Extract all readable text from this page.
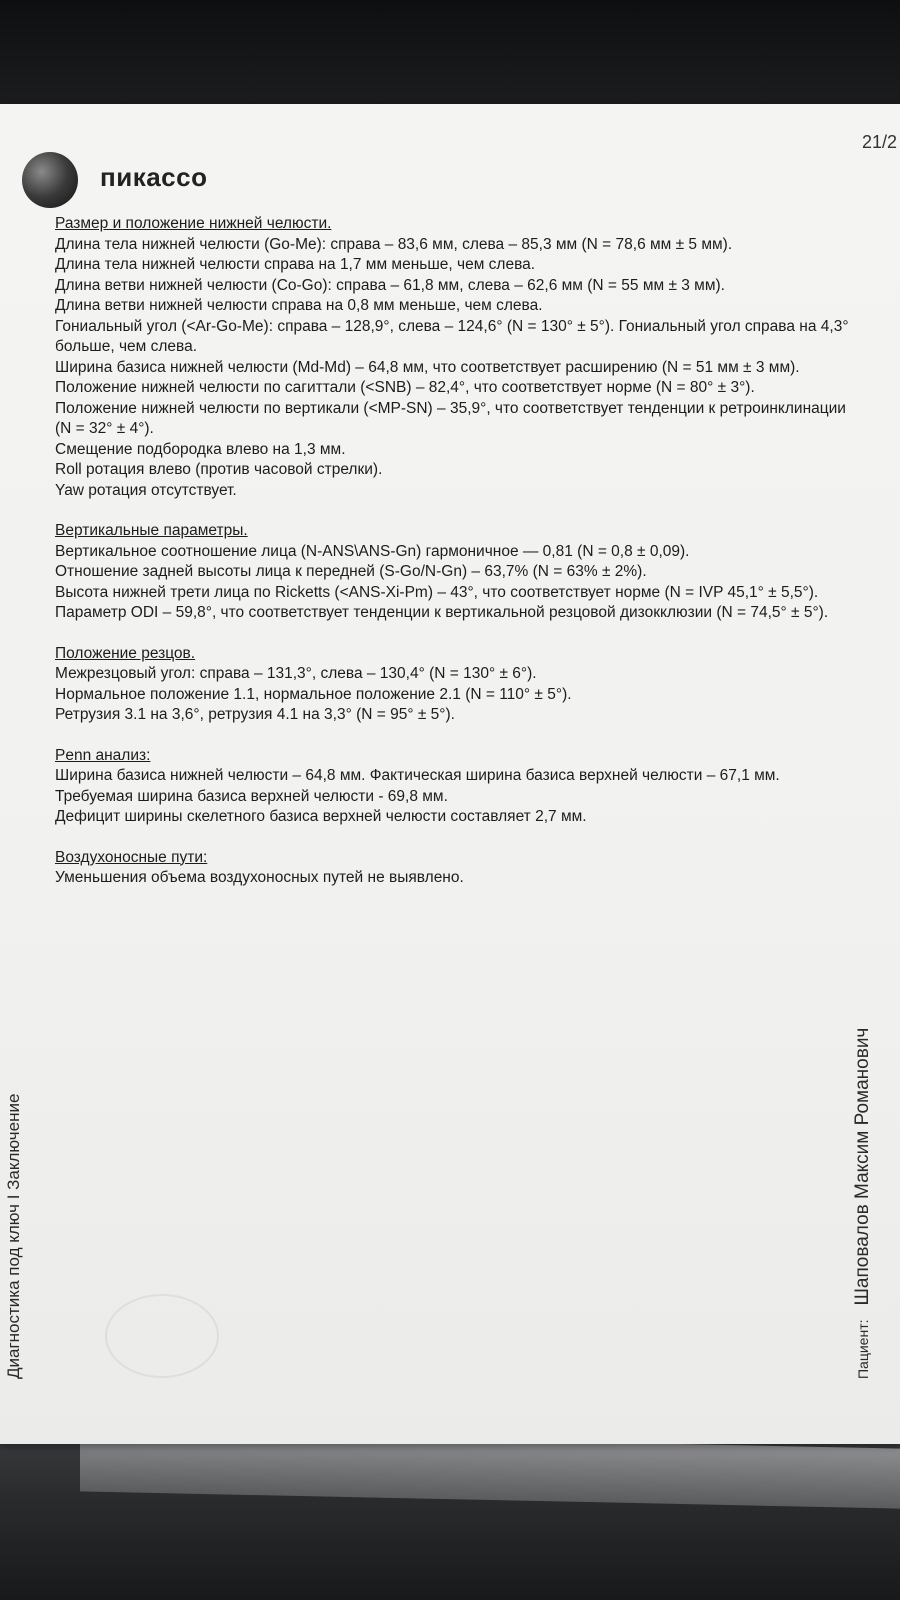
21/2
пикассо
Размер и положение нижней челюсти.
Длина тела нижней челюсти (Go-Me): справа – 83,6 мм, слева – 85,3 мм (N = 78,6 мм ± 5 мм).
Длина тела нижней челюсти справа на 1,7 мм меньше, чем слева.
Длина ветви нижней челюсти (Co-Go): справа – 61,8 мм, слева – 62,6 мм (N = 55 мм ± 3 мм).
Длина ветви нижней челюсти справа на 0,8 мм меньше, чем слева.
Гониальный угол (<Ar-Go-Me): справа – 128,9°, слева – 124,6° (N = 130° ± 5°). Гониальный угол справа на 4,3° больше, чем слева.
Ширина базиса нижней челюсти (Md-Md) – 64,8 мм, что соответствует расширению (N = 51 мм ± 3 мм).
Положение нижней челюсти по сагиттали (<SNB) – 82,4°, что соответствует норме (N = 80° ± 3°).
Положение нижней челюсти по вертикали (<MP-SN) – 35,9°, что соответствует тенденции к ретроинклинации (N = 32° ± 4°).
Смещение подбородка влево на 1,3 мм.
Roll ротация влево (против часовой стрелки).
Yaw ротация отсутствует.
Вертикальные параметры.
Вертикальное соотношение лица (N-ANS\ANS-Gn) гармоничное — 0,81 (N = 0,8 ± 0,09).
Отношение задней высоты лица к передней (S-Go/N-Gn) – 63,7% (N = 63% ± 2%).
Высота нижней трети лица по Ricketts (<ANS-Xi-Pm) – 43°, что соответствует норме (N = IVP 45,1° ± 5,5°).
Параметр ODI – 59,8°, что соответствует тенденции к вертикальной резцовой дизокклюзии (N = 74,5° ± 5°).
Положение резцов.
Межрезцовый угол: справа – 131,3°, слева – 130,4° (N = 130° ± 6°).
Нормальное положение 1.1, нормальное положение 2.1 (N = 110° ± 5°).
Ретрузия 3.1 на 3,6°, ретрузия 4.1 на 3,3° (N = 95° ± 5°).
Penn анализ:
Ширина базиса нижней челюсти – 64,8 мм. Фактическая ширина базиса верхней челюсти – 67,1 мм. Требуемая ширина базиса верхней челюсти - 69,8 мм.
Дефицит ширины скелетного базиса верхней челюсти составляет 2,7 мм.
Воздухоносные пути:
Уменьшения объема воздухоносных путей не выявлено.
Диагностика под ключ I Заключение	Пациент:Шаповалов Максим Романович
